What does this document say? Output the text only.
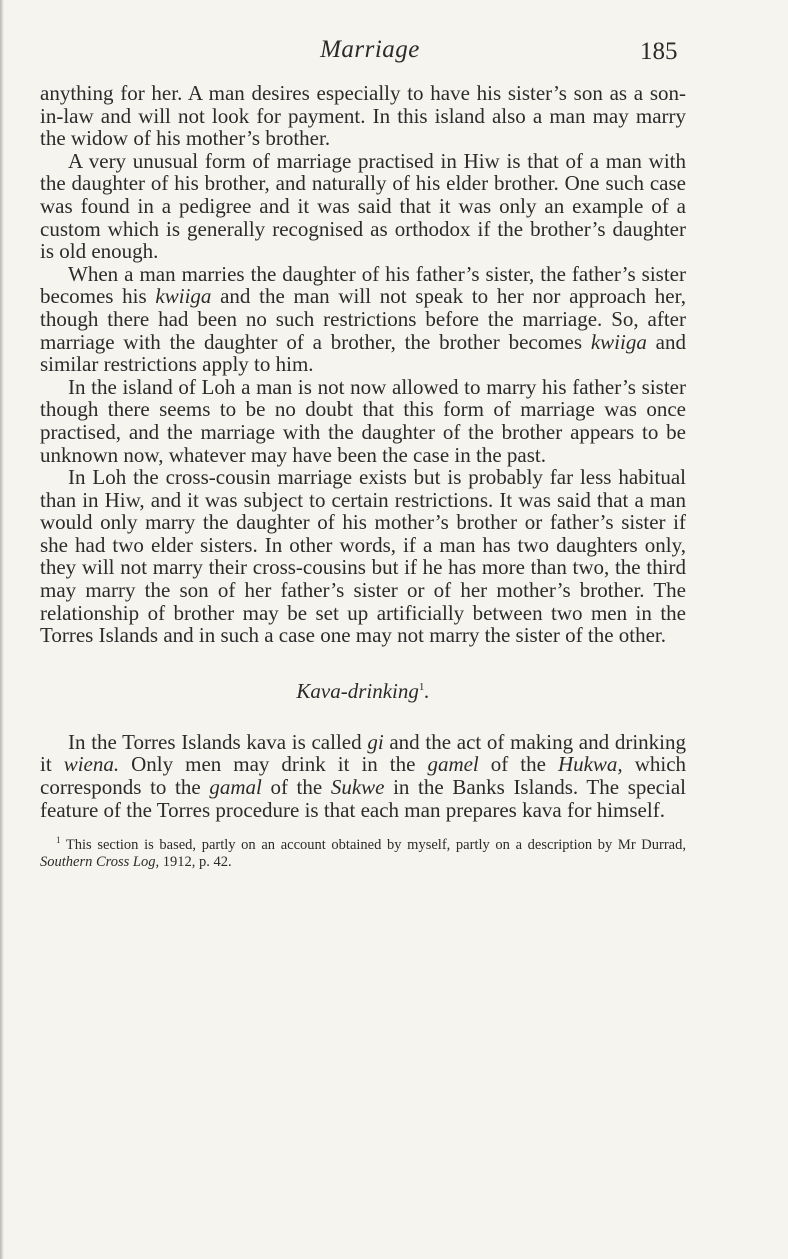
Marriage	185

anything for her. A man desires especially to have his sister’s son as a son-in-law and will not look for payment. In this island also a man may marry the widow of his mother’s brother.

A very unusual form of marriage practised in Hiw is that of a man with the daughter of his brother, and naturally of his elder brother. One such case was found in a pedigree and it was said that it was only an example of a custom which is generally recognised as orthodox if the brother’s daughter is old enough.

When a man marries the daughter of his father’s sister, the father’s sister becomes his kwiiga and the man will not speak to her nor approach her, though there had been no such restrictions before the marriage. So, after marriage with the daughter of a brother, the brother becomes kwiiga and similar restrictions apply to him.

In the island of Loh a man is not now allowed to marry his father’s sister though there seems to be no doubt that this form of marriage was once practised, and the marriage with the daughter of the brother appears to be unknown now, whatever may have been the case in the past.

In Loh the cross-cousin marriage exists but is probably far less habitual than in Hiw, and it was subject to certain restrictions. It was said that a man would only marry the daughter of his mother’s brother or father’s sister if she had two elder sisters. In other words, if a man has two daughters only, they will not marry their cross-cousins but if he has more than two, the third may marry the son of her father’s sister or of her mother’s brother. The relationship of brother may be set up artificially between two men in the Torres Islands and in such a case one may not marry the sister of the other.

Kava-drinking$^1$.

In the Torres Islands kava is called gi and the act of making and drinking it wiena. Only men may drink it in the gamel of the Hukwa, which corresponds to the gamal of the Sukwe in the Banks Islands. The special feature of the Torres procedure is that each man prepares kava for himself.

$^1$ This section is based, partly on an account obtained by myself, partly on a description by Mr Durrad, Southern Cross Log, 1912, p. 42.
